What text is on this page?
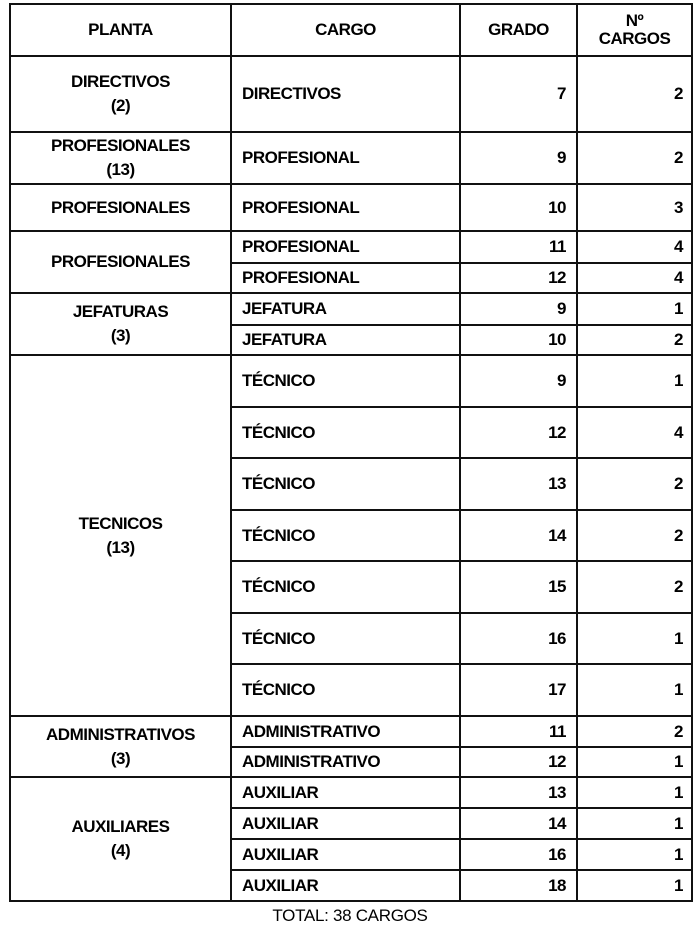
PLANTA	CARGO	GRADO	Nº
CARGOS

DIRECTIVOS
(2)	DIRECTIVOS	7	2

PROFESIONALES
(13)	PROFESIONAL	9	2

PROFESIONALES	PROFESIONAL	10	3

PROFESIONALES	PROFESIONAL	11	4
	PROFESIONAL	12	4

JEFATURAS
(3)	JEFATURA	9	1
	JEFATURA	10	2

TECNICOS
(13)	TÉCNICO	9	1
	TÉCNICO	12	4
	TÉCNICO	13	2
	TÉCNICO	14	2
	TÉCNICO	15	2
	TÉCNICO	16	1
	TÉCNICO	17	1

ADMINISTRATIVOS
(3)	ADMINISTRATIVO	11	2
	ADMINISTRATIVO	12	1

AUXILIARES
(4)	AUXILIAR	13	1
	AUXILIAR	14	1
	AUXILIAR	16	1
	AUXILIAR	18	1
TOTAL: 38 CARGOS
